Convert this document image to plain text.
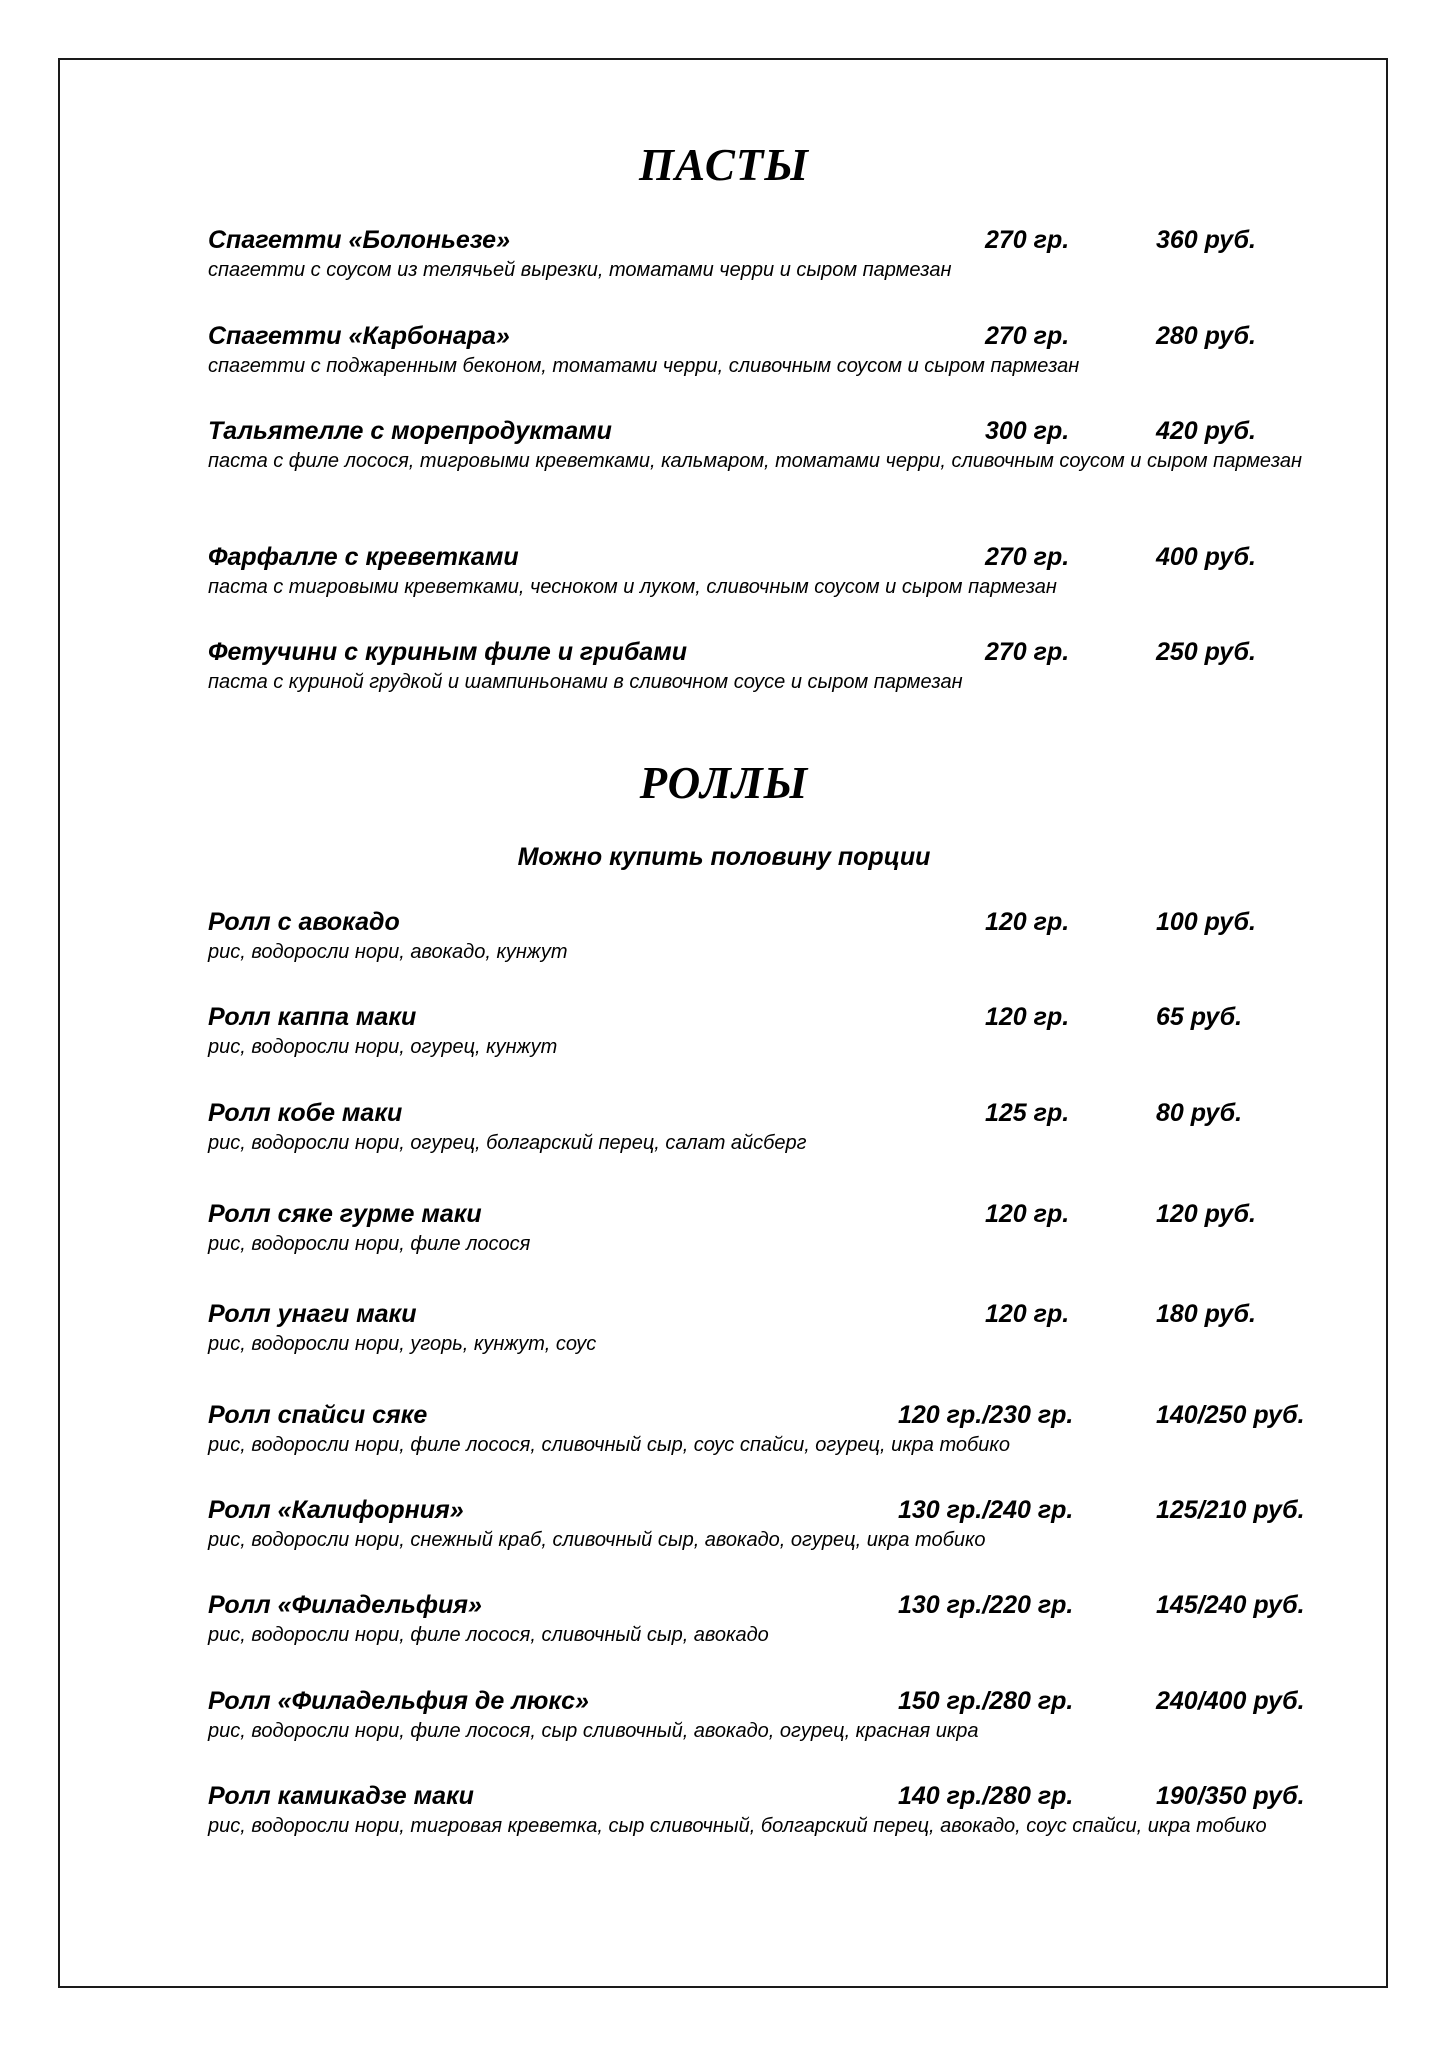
ПАСТЫ
Спагетти «Болоньезе»	270 гр.	360 руб.
спагетти с соусом из телячьей вырезки, томатами черри и сыром пармезан
Спагетти «Карбонара»	270 гр.	280 руб.
спагетти с поджаренным беконом, томатами черри, сливочным соусом и сыром пармезан
Тальятелле с морепродуктами	300 гр.	420 руб.
паста с филе лосося, тигровыми креветками, кальмаром, томатами черри, сливочным соусом и сыром пармезан
Фарфалле с креветками	270 гр.	400 руб.
паста с тигровыми креветками, чесноком и луком, сливочным соусом и сыром пармезан
Фетучини с куриным филе и грибами	270 гр.	250 руб.
паста с куриной грудкой и шампиньонами в сливочном соусе и сыром пармезан
РОЛЛЫ
Можно купить половину порции
Ролл с авокадо	120 гр.	100 руб.
рис, водоросли нори, авокадо, кунжут
Ролл каппа маки	120 гр.	65 руб.
рис, водоросли нори, огурец, кунжут
Ролл кобе маки	125 гр.	80 руб.
рис, водоросли нори, огурец, болгарский перец, салат айсберг
Ролл сяке гурме маки	120 гр.	120 руб.
рис, водоросли нори, филе лосося
Ролл унаги маки	120 гр.	180 руб.
рис, водоросли нори, угорь, кунжут, соус
Ролл спайси сяке	120 гр./230 гр.	140/250 руб.
рис, водоросли нори, филе лосося, сливочный сыр, соус спайси, огурец, икра тобико
Ролл «Калифорния»	130 гр./240 гр.	125/210 руб.
рис, водоросли нори, снежный краб, сливочный сыр, авокадо, огурец, икра тобико
Ролл «Филадельфия»	130 гр./220 гр.	145/240 руб.
рис, водоросли нори, филе лосося, сливочный сыр, авокадо
Ролл «Филадельфия де люкс»	150 гр./280 гр.	240/400 руб.
рис, водоросли нори, филе лосося, сыр сливочный, авокадо, огурец, красная икра
Ролл камикадзе маки	140 гр./280 гр.	190/350 руб.
рис, водоросли нори, тигровая креветка, сыр сливочный, болгарский перец, авокадо, соус спайси, икра тобико
